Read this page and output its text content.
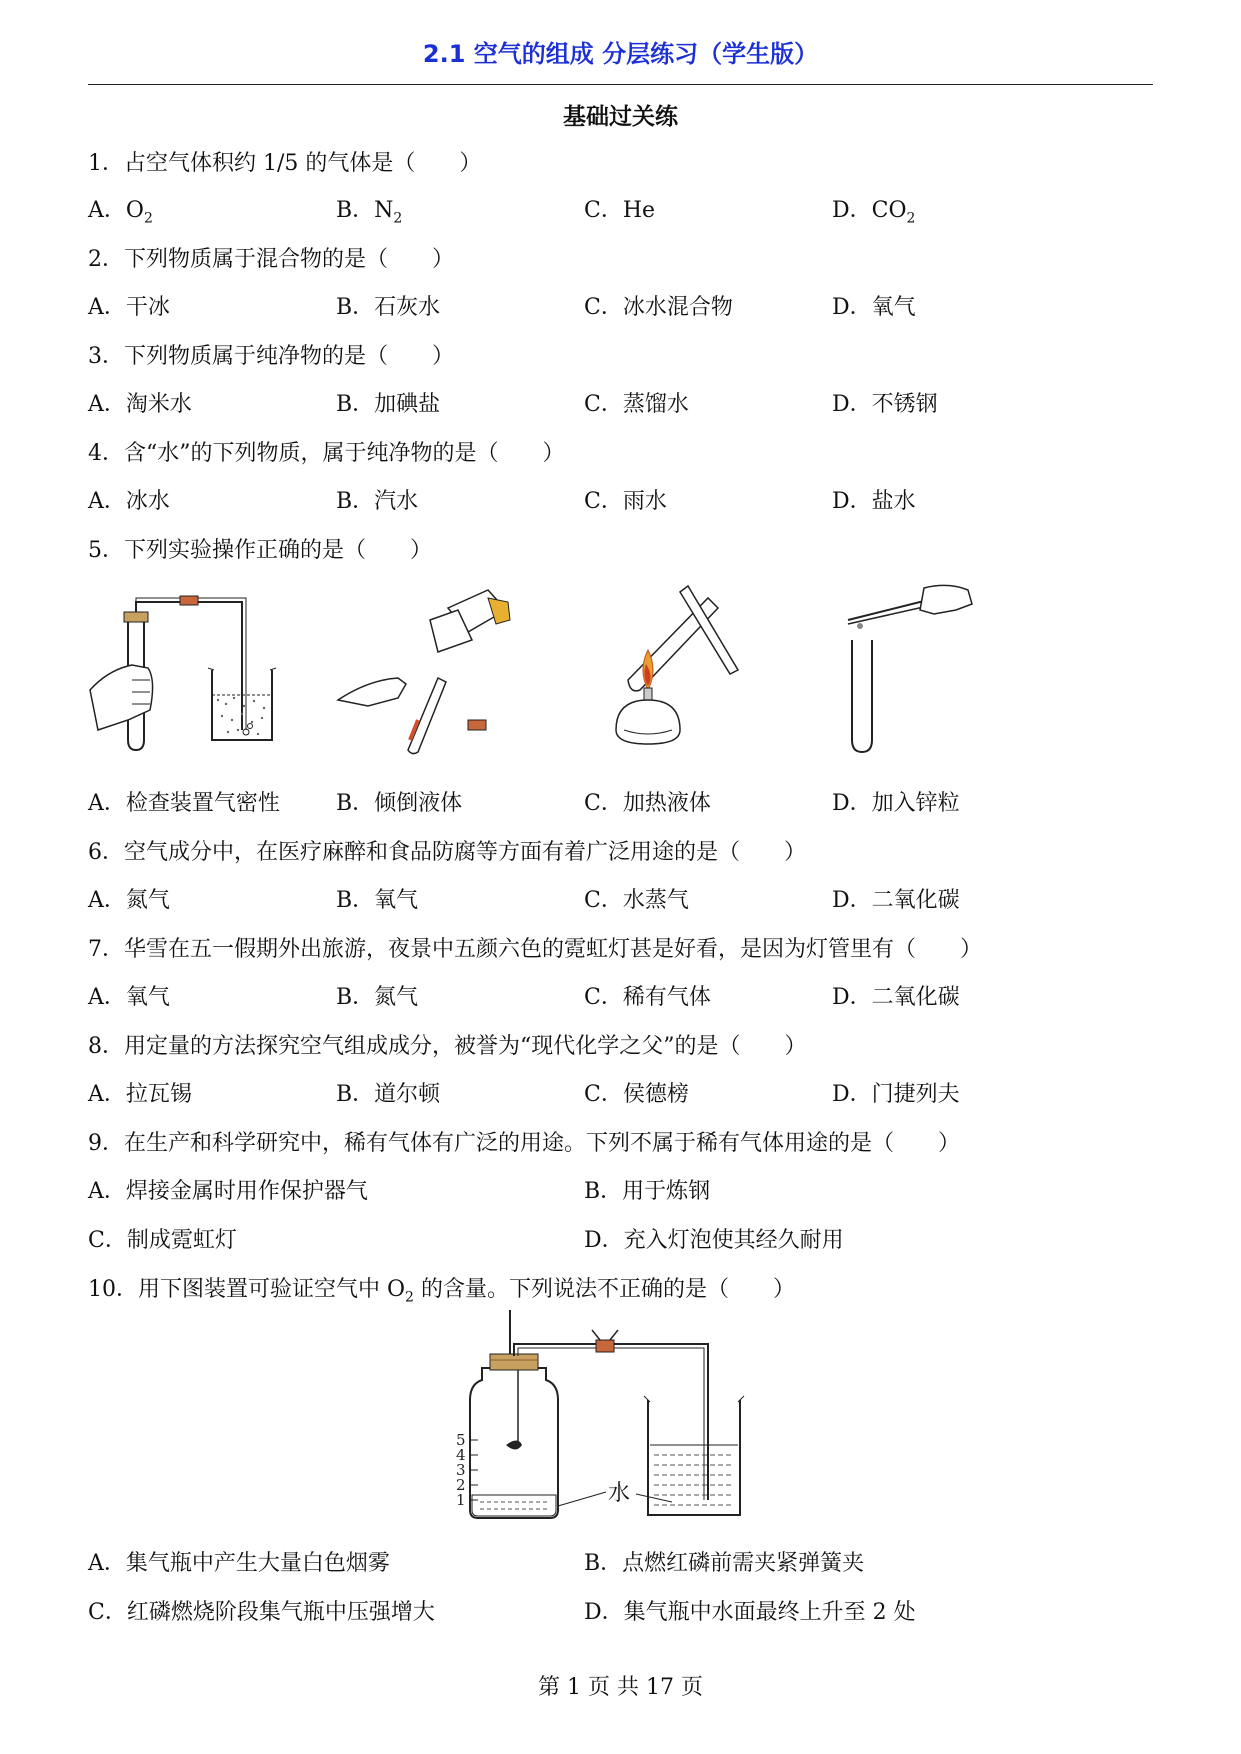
2.1 空气的组成 分层练习（学生版）
基础过关练
1．占空气体积约 1/5 的气体是（　　）
A．$O_2$	B．$N_2$	C．He	D．$CO_2$
2．下列物质属于混合物的是（　　）
A．干冰	B．石灰水	C．冰水混合物	D．氧气
3．下列物质属于纯净物的是（　　）
A．淘米水	B．加碘盐	C．蒸馏水	D．不锈钢
4．含“水”的下列物质，属于纯净物的是（　　）
A．冰水	B．汽水	C．雨水	D．盐水
5．下列实验操作正确的是（　　）
A．检查装置气密性	B．倾倒液体	C．加热液体	D．加入锌粒
6．空气成分中，在医疗麻醉和食品防腐等方面有着广泛用途的是（　　）
A．氮气	B．氧气	C．水蒸气	D．二氧化碳
7．华雪在五一假期外出旅游，夜景中五颜六色的霓虹灯甚是好看，是因为灯管里有（　　）
A．氧气	B．氮气	C．稀有气体	D．二氧化碳
8．用定量的方法探究空气组成成分，被誉为“现代化学之父”的是（　　）
A．拉瓦锡	B．道尔顿	C．侯德榜	D．门捷列夫
9．在生产和科学研究中，稀有气体有广泛的用途。下列不属于稀有气体用途的是（　　）
A．焊接金属时用作保护器气	B．用于炼钢
C．制成霓虹灯	D．充入灯泡使其经久耐用
10．用下图装置可验证空气中 $O_2$ 的含量。下列说法不正确的是（　　）
5
4
3
2
1	水
A．集气瓶中产生大量白色烟雾	B．点燃红磷前需夹紧弹簧夹
C．红磷燃烧阶段集气瓶中压强增大	D．集气瓶中水面最终上升至 2 处
第 1 页 共 17 页
